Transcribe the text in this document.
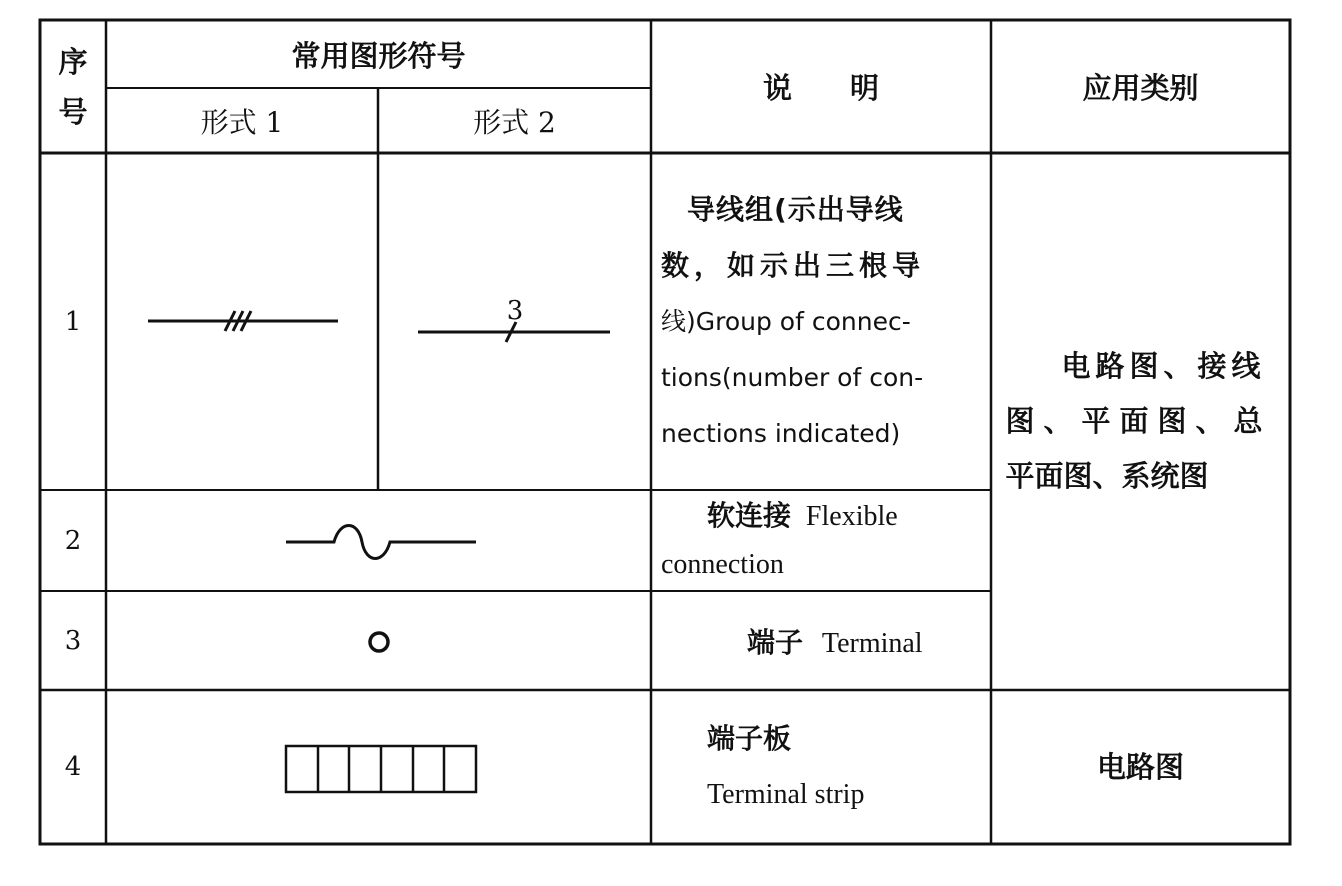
序
号
常用图形符号
形式 1	形式 2
说　　明	应用类别
1
2
3
4
3
导线组(示出导线
数，如示出三根导
线)Group of connec-
tions(number of con-
nections indicated)
软连接 Flexible
connection
端子 Terminal
端子板
Terminal strip
电路图、接线
图、平面图、总
平面图、系统图
电路图
